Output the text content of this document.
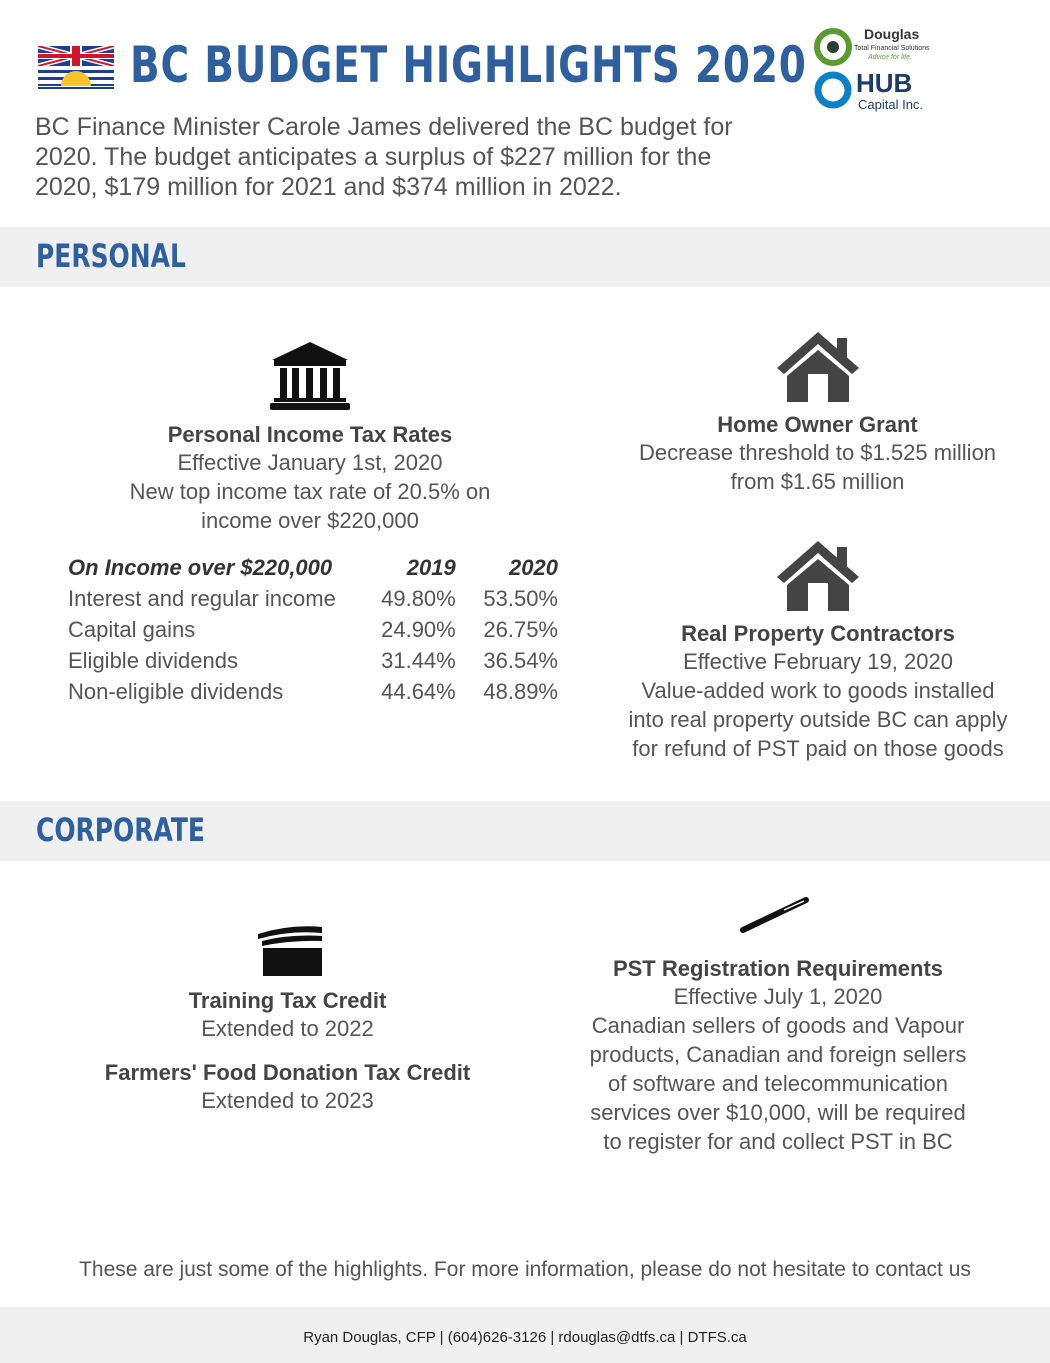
BC BUDGET HIGHLIGHTS 2020
BC Finance Minister Carole James delivered the BC budget for 2020. The budget anticipates a surplus of $227 million for the 2020, $179 million for 2021 and $374 million in 2022.
Douglas
Total Financial Solutions
Advice for life.
HUB
Capital Inc.
PERSONAL
Personal Income Tax Rates
Effective January 1st, 2020
New top income tax rate of 20.5% on
income over $220,000
On Income over $220,000	2019	2020
Interest and regular income	49.80%	53.50%
Capital gains	24.90%	26.75%
Eligible dividends	31.44%	36.54%
Non-eligible dividends	44.64%	48.89%
Home Owner Grant
Decrease threshold to $1.525 million
from $1.65 million
Real Property Contractors
Effective February 19, 2020
Value-added work to goods installed
into real property outside BC can apply
for refund of PST paid on those goods
CORPORATE
Training Tax Credit
Extended to 2022
Farmers' Food Donation Tax Credit
Extended to 2023
PST Registration Requirements
Effective July 1, 2020
Canadian sellers of goods and Vapour
products, Canadian and foreign sellers
of software and telecommunication
services over $10,000, will be required
to register for and collect PST in BC
These are just some of the highlights. For more information, please do not hesitate to contact us
Ryan Douglas, CFP | (604)626-3126 | rdouglas@dtfs.ca | DTFS.ca
